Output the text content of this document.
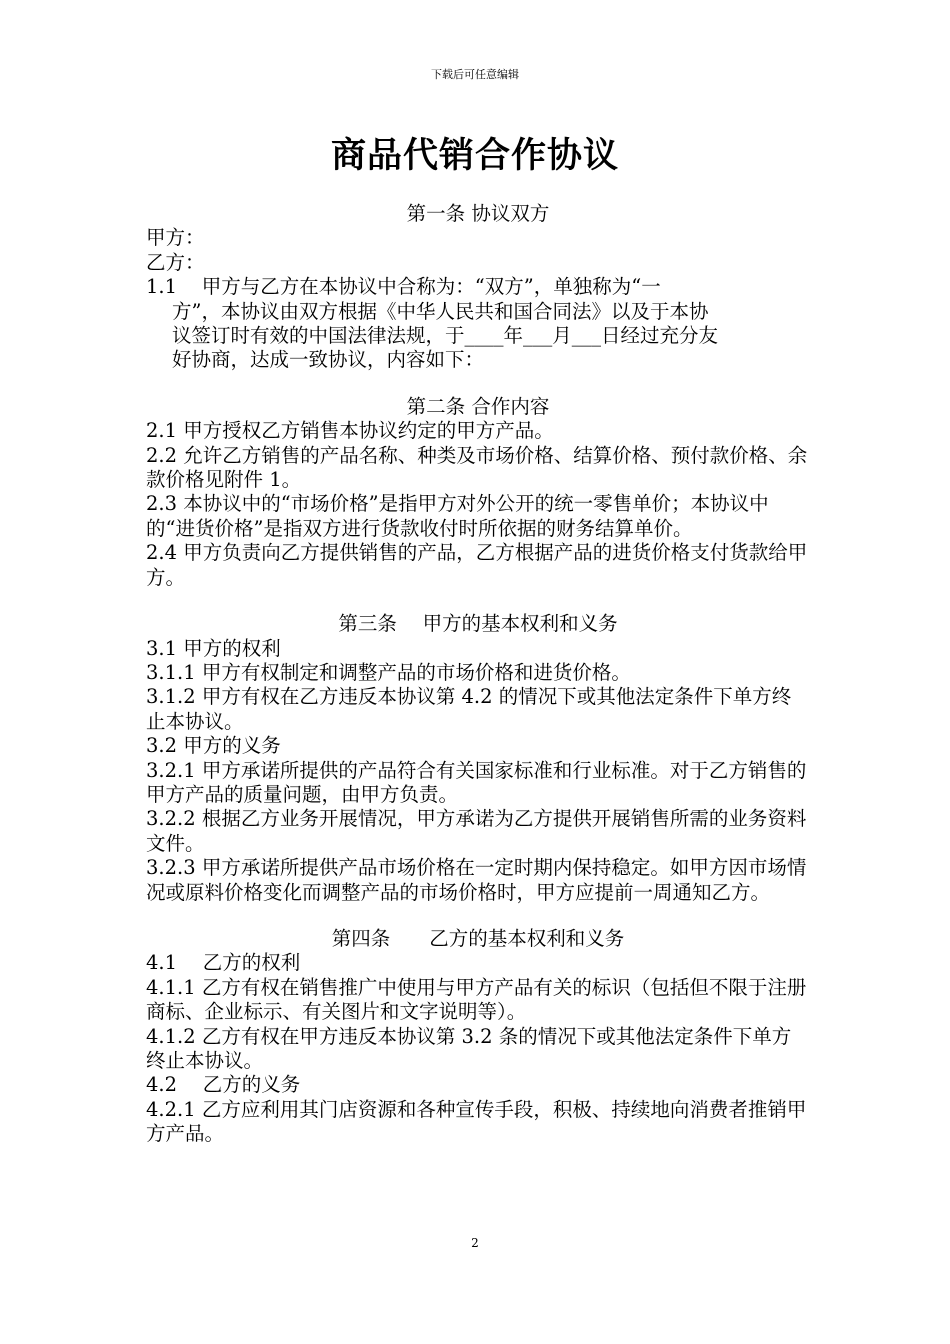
下载后可任意编辑
商品代销合作协议

第一条 协议双方

甲方：

乙方：

1.1    甲方与乙方在本协议中合称为：“双方”，单独称为“一

方”，本协议由双方根据《中华人民共和国合同法》以及于本协

议签订时有效的中国法律法规，于____年___月___日经过充分友

好协商，达成一致协议，内容如下：

第二条 合作内容

2.1 甲方授权乙方销售本协议约定的甲方产品。

2.2 允许乙方销售的产品名称、种类及市场价格、结算价格、预付款价格、余款价格见附件 1。

2.3 本协议中的“市场价格”是指甲方对外公开的统一零售单价；本协议中的“进货价格”是指双方进行货款收付时所依据的财务结算单价。

2.4 甲方负责向乙方提供销售的产品，乙方根据产品的进货价格支付货款给甲方。

第三条　 甲方的基本权利和义务

3.1 甲方的权利

3.1.1 甲方有权制定和调整产品的市场价格和进货价格。

3.1.2 甲方有权在乙方违反本协议第 4.2 的情况下或其他法定条件下单方终止本协议。

3.2 甲方的义务

3.2.1 甲方承诺所提供的产品符合有关国家标准和行业标准。对于乙方销售的甲方产品的质量问题，由甲方负责。

3.2.2 根据乙方业务开展情况，甲方承诺为乙方提供开展销售所需的业务资料文件。

3.2.3 甲方承诺所提供产品市场价格在一定时期内保持稳定。如甲方因市场情况或原料价格变化而调整产品的市场价格时，甲方应提前一周通知乙方。

第四条　　乙方的基本权利和义务

4.1　 乙方的权利

4.1.1 乙方有权在销售推广中使用与甲方产品有关的标识（包括但不限于注册商标、企业标示、有关图片和文字说明等）。

4.1.2 乙方有权在甲方违反本协议第 3.2 条的情况下或其他法定条件下单方终止本协议。

4.2　 乙方的义务

4.2.1 乙方应利用其门店资源和各种宣传手段，积极、持续地向消费者推销甲方产品。

2
